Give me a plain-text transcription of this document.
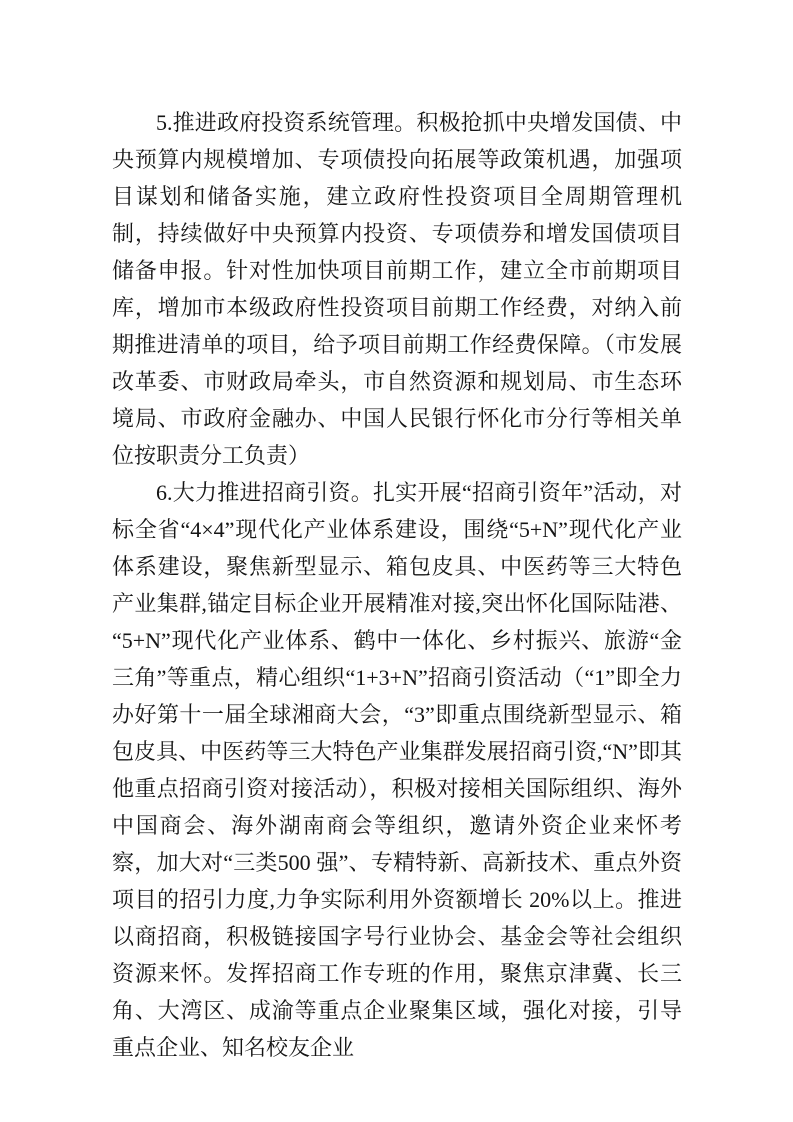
5.推进政府投资系统管理。积极抢抓中央增发国债、中央预算内规模增加、专项债投向拓展等政策机遇，加强项目谋划和储备实施，建立政府性投资项目全周期管理机制，持续做好中央预算内投资、专项债券和增发国债项目储备申报。针对性加快项目前期工作，建立全市前期项目库，增加市本级政府性投资项目前期工作经费，对纳入前期推进清单的项目，给予项目前期工作经费保障。（市发展改革委、市财政局牵头，市自然资源和规划局、市生态环境局、市政府金融办、中国人民银行怀化市分行等相关单位按职责分工负责）

6.大力推进招商引资。扎实开展“招商引资年”活动，对标全省“4×4”现代化产业体系建设，围绕“5+N”现代化产业体系建设，聚焦新型显示、箱包皮具、中医药等三大特色产业集群,锚定目标企业开展精准对接,突出怀化国际陆港、“5+N”现代化产业体系、鹤中一体化、乡村振兴、旅游“金三角”等重点，精心组织“1+3+N”招商引资活动（“1”即全力办好第十一届全球湘商大会，“3”即重点围绕新型显示、箱包皮具、中医药等三大特色产业集群发展招商引资,“N”即其他重点招商引资对接活动），积极对接相关国际组织、海外中国商会、海外湖南商会等组织，邀请外资企业来怀考察，加大对“三类500 强”、专精特新、高新技术、重点外资项目的招引力度,力争实际利用外资额增长 20%以上。推进以商招商，积极链接国字号行业协会、基金会等社会组织资源来怀。发挥招商工作专班的作用，聚焦京津冀、长三角、大湾区、成渝等重点企业聚集区域，强化对接，引导重点企业、知名校友企业
